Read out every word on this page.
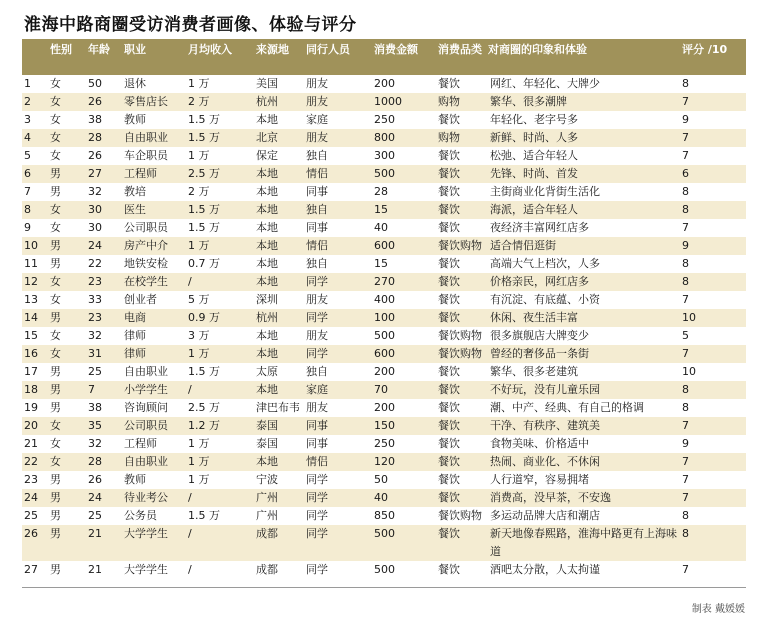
淮海中路商圈受访消费者画像、体验与评分
	性别	年龄	职业	月均收入	来源地	同行人员	消费金额	消费品类	对商圈的印象和体验	评分 /10
1	女	50	退休	1 万	美国	朋友	200	餐饮	网红、年轻化、大牌少	8
2	女	26	零售店长	2 万	杭州	朋友	1000	购物	繁华、很多潮牌	7
3	女	38	教师	1.5 万	本地	家庭	250	餐饮	年轻化、老字号多	9
4	女	28	自由职业	1.5 万	北京	朋友	800	购物	新鲜、时尚、人多	7
5	女	26	车企职员	1 万	保定	独自	300	餐饮	松弛、适合年轻人	7
6	男	27	工程师	2.5 万	本地	情侣	500	餐饮	先锋、时尚、首发	6
7	男	32	教培	2 万	本地	同事	28	餐饮	主街商业化背街生活化	8
8	女	30	医生	1.5 万	本地	独自	15	餐饮	海派，适合年轻人	8
9	女	30	公司职员	1.5 万	本地	同事	40	餐饮	夜经济丰富网红店多	7
10	男	24	房产中介	1 万	本地	情侣	600	餐饮购物	适合情侣逛街	9
11	男	22	地铁安检	0.7 万	本地	独自	15	餐饮	高端大气上档次，人多	8
12	女	23	在校学生	/	本地	同学	270	餐饮	价格亲民，网红店多	8
13	女	33	创业者	5 万	深圳	朋友	400	餐饮	有沉淀、有底蕴、小资	7
14	男	23	电商	0.9 万	杭州	同学	100	餐饮	休闲、夜生活丰富	10
15	女	32	律师	3 万	本地	朋友	500	餐饮购物	很多旗舰店大牌变少	5
16	女	31	律师	1 万	本地	同学	600	餐饮购物	曾经的奢侈品一条街	7
17	男	25	自由职业	1.5 万	太原	独自	200	餐饮	繁华、很多老建筑	10
18	男	7	小学学生	/	本地	家庭	70	餐饮	不好玩，没有儿童乐园	8
19	男	38	咨询顾问	2.5 万	津巴布韦	朋友	200	餐饮	潮、中产、经典、有自己的格调	8
20	女	35	公司职员	1.2 万	泰国	同事	150	餐饮	干净、有秩序、建筑美	7
21	女	32	工程师	1 万	泰国	同事	250	餐饮	食物美味、价格适中	9
22	女	28	自由职业	1 万	本地	情侣	120	餐饮	热闹、商业化、不休闲	7
23	男	26	教师	1 万	宁波	同学	50	餐饮	人行道窄，容易拥堵	7
24	男	24	待业考公	/	广州	同学	40	餐饮	消费高，没早茶，不安逸	7
25	男	25	公务员	1.5 万	广州	同学	850	餐饮购物	多运动品牌大店和潮店	8
26	男	21	大学学生	/	成都	同学	500	餐饮	新天地像春熙路，淮海中路更有上海味道	8
27	男	21	大学学生	/	成都	同学	500	餐饮	酒吧太分散，人太拘谨	7
制表 戴媛媛
